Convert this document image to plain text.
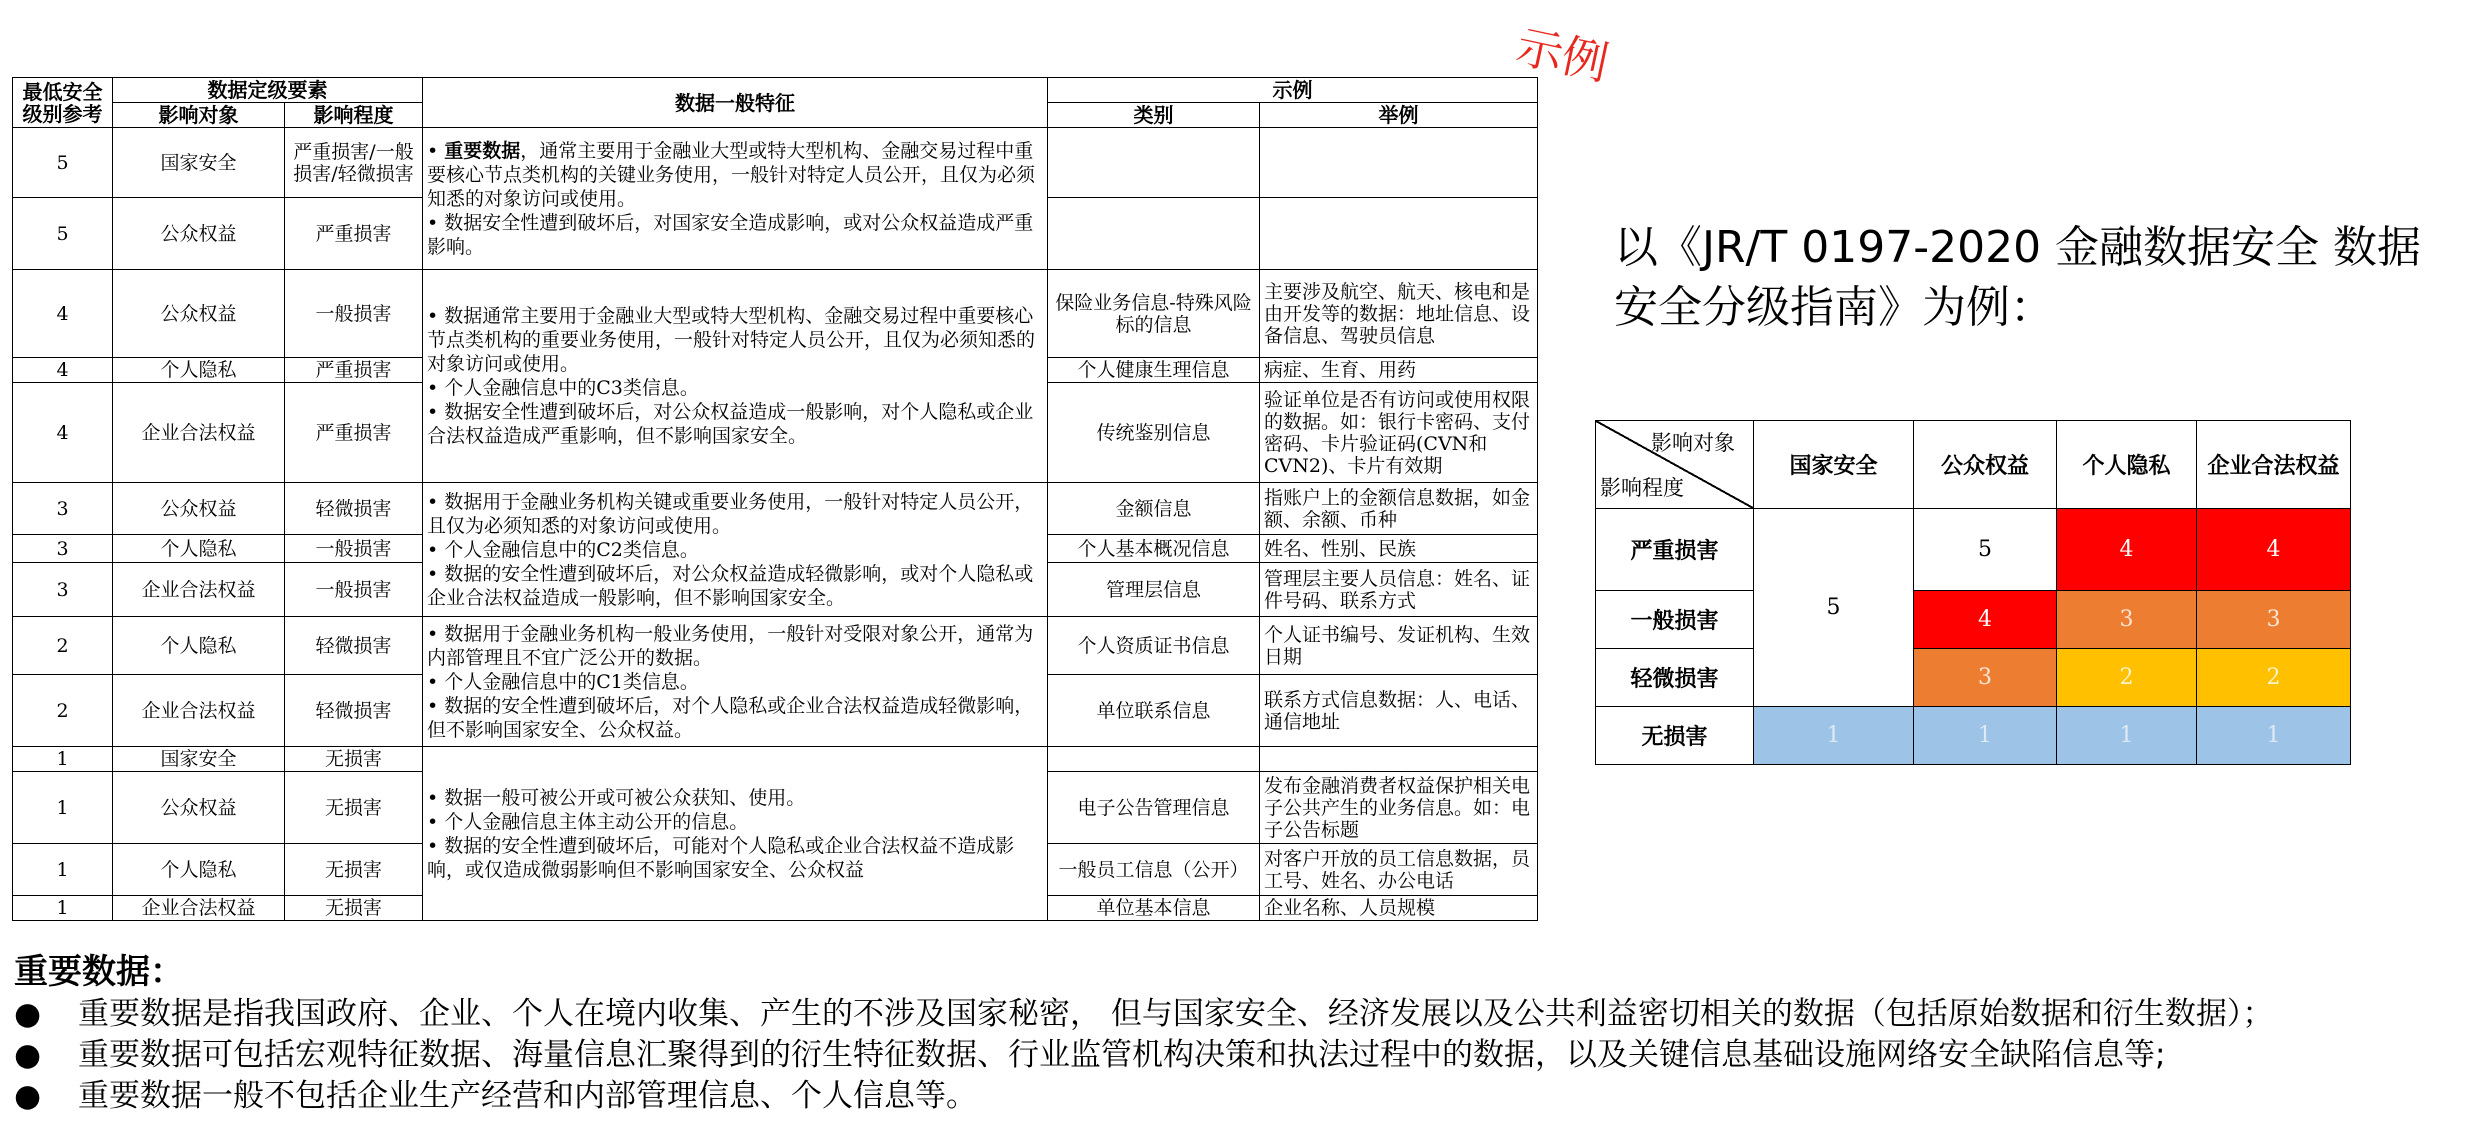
示例
最低安全级别参考	数据定级要素		数据一般特征	示例	
	影响对象	影响程度		类别	举例
5	国家安全	严重损害/一般损害/轻微损害	• 重要数据，通常主要用于金融业大型或特大型机构、金融交易过程中重要核心节点类机构的关键业务使用，一般针对特定人员公开，且仅为必须知悉的对象访问或使用。

• 数据安全性遭到破坏后，对国家安全造成影响，或对公众权益造成严重影响。		

5	公众权益	严重损害			
4	公众权益	一般损害	• 数据通常主要用于金融业大型或特大型机构、金融交易过程中重要核心节点类机构的重要业务使用，一般针对特定人员公开，且仅为必须知悉的对象访问或使用。

• 个人金融信息中的C3类信息。

• 数据安全性遭到破坏后，对公众权益造成一般影响，对个人隐私或企业合法权益造成严重影响，但不影响国家安全。	保险业务信息-特殊风险标的信息	主要涉及航空、航天、核电和是由开发等的数据：地址信息、设备信息、驾驶员信息
4	个人隐私	严重损害		个人健康生理信息	病症、生育、用药
4	企业合法权益	严重损害		传统鉴别信息	验证单位是否有访问或使用权限的数据。如：银行卡密码、支付密码、卡片验证码(CVN和CVN2)、卡片有效期
3	公众权益	轻微损害	• 数据用于金融业务机构关键或重要业务使用，一般针对特定人员公开，且仅为必须知悉的对象访问或使用。

• 个人金融信息中的C2类信息。

• 数据的安全性遭到破坏后，对公众权益造成轻微影响，或对个人隐私或企业合法权益造成一般影响，但不影响国家安全。	金额信息	指账户上的金额信息数据，如金额、余额、币种
3	个人隐私	一般损害		个人基本概况信息	姓名、性别、民族
3	企业合法权益	一般损害		管理层信息	管理层主要人员信息：姓名、证件号码、联系方式
2	个人隐私	轻微损害	• 数据用于金融业务机构一般业务使用，一般针对受限对象公开，通常为内部管理且不宜广泛公开的数据。

• 个人金融信息中的C1类信息。

• 数据的安全性遭到破坏后，对个人隐私或企业合法权益造成轻微影响，但不影响国家安全、公众权益。	个人资质证书信息	个人证书编号、发证机构、生效日期
2	企业合法权益	轻微损害		单位联系信息	联系方式信息数据：人、电话、通信地址
1	国家安全	无损害	• 数据一般可被公开或可被公众获知、使用。

• 个人金融信息主体主动公开的信息。

• 数据的安全性遭到破坏后，可能对个人隐私或企业合法权益不造成影响，或仅造成微弱影响但不影响国家安全、公众权益		

1	公众权益	无损害		电子公告管理信息	发布金融消费者权益保护相关电子公共产生的业务信息。如：电子公告标题
1	个人隐私	无损害		一般员工信息（公开）	对客户开放的员工信息数据，员工号、姓名、办公电话
1	企业合法权益	无损害		单位基本信息	企业名称、人员规模
以《JR/T 0197-2020 金融数据安全 数据安全分级指南》为例：
影响对象
影响程度	国家安全	公众权益	个人隐私	企业合法权益
严重损害	5	5	4	4
一般损害		4	3	3
轻微损害		3	2	2
无损害	1	1	1	1
重要数据：
●	重要数据是指我国政府、企业、个人在境内收集、产生的不涉及国家秘密， 但与国家安全、经济发展以及公共利益密切相关的数据（包括原始数据和衍生数据）；
●	重要数据可包括宏观特征数据、海量信息汇聚得到的衍生特征数据、行业监管机构决策和执法过程中的数据，以及关键信息基础设施网络安全缺陷信息等;
●	重要数据一般不包括企业生产经营和内部管理信息、个人信息等。
